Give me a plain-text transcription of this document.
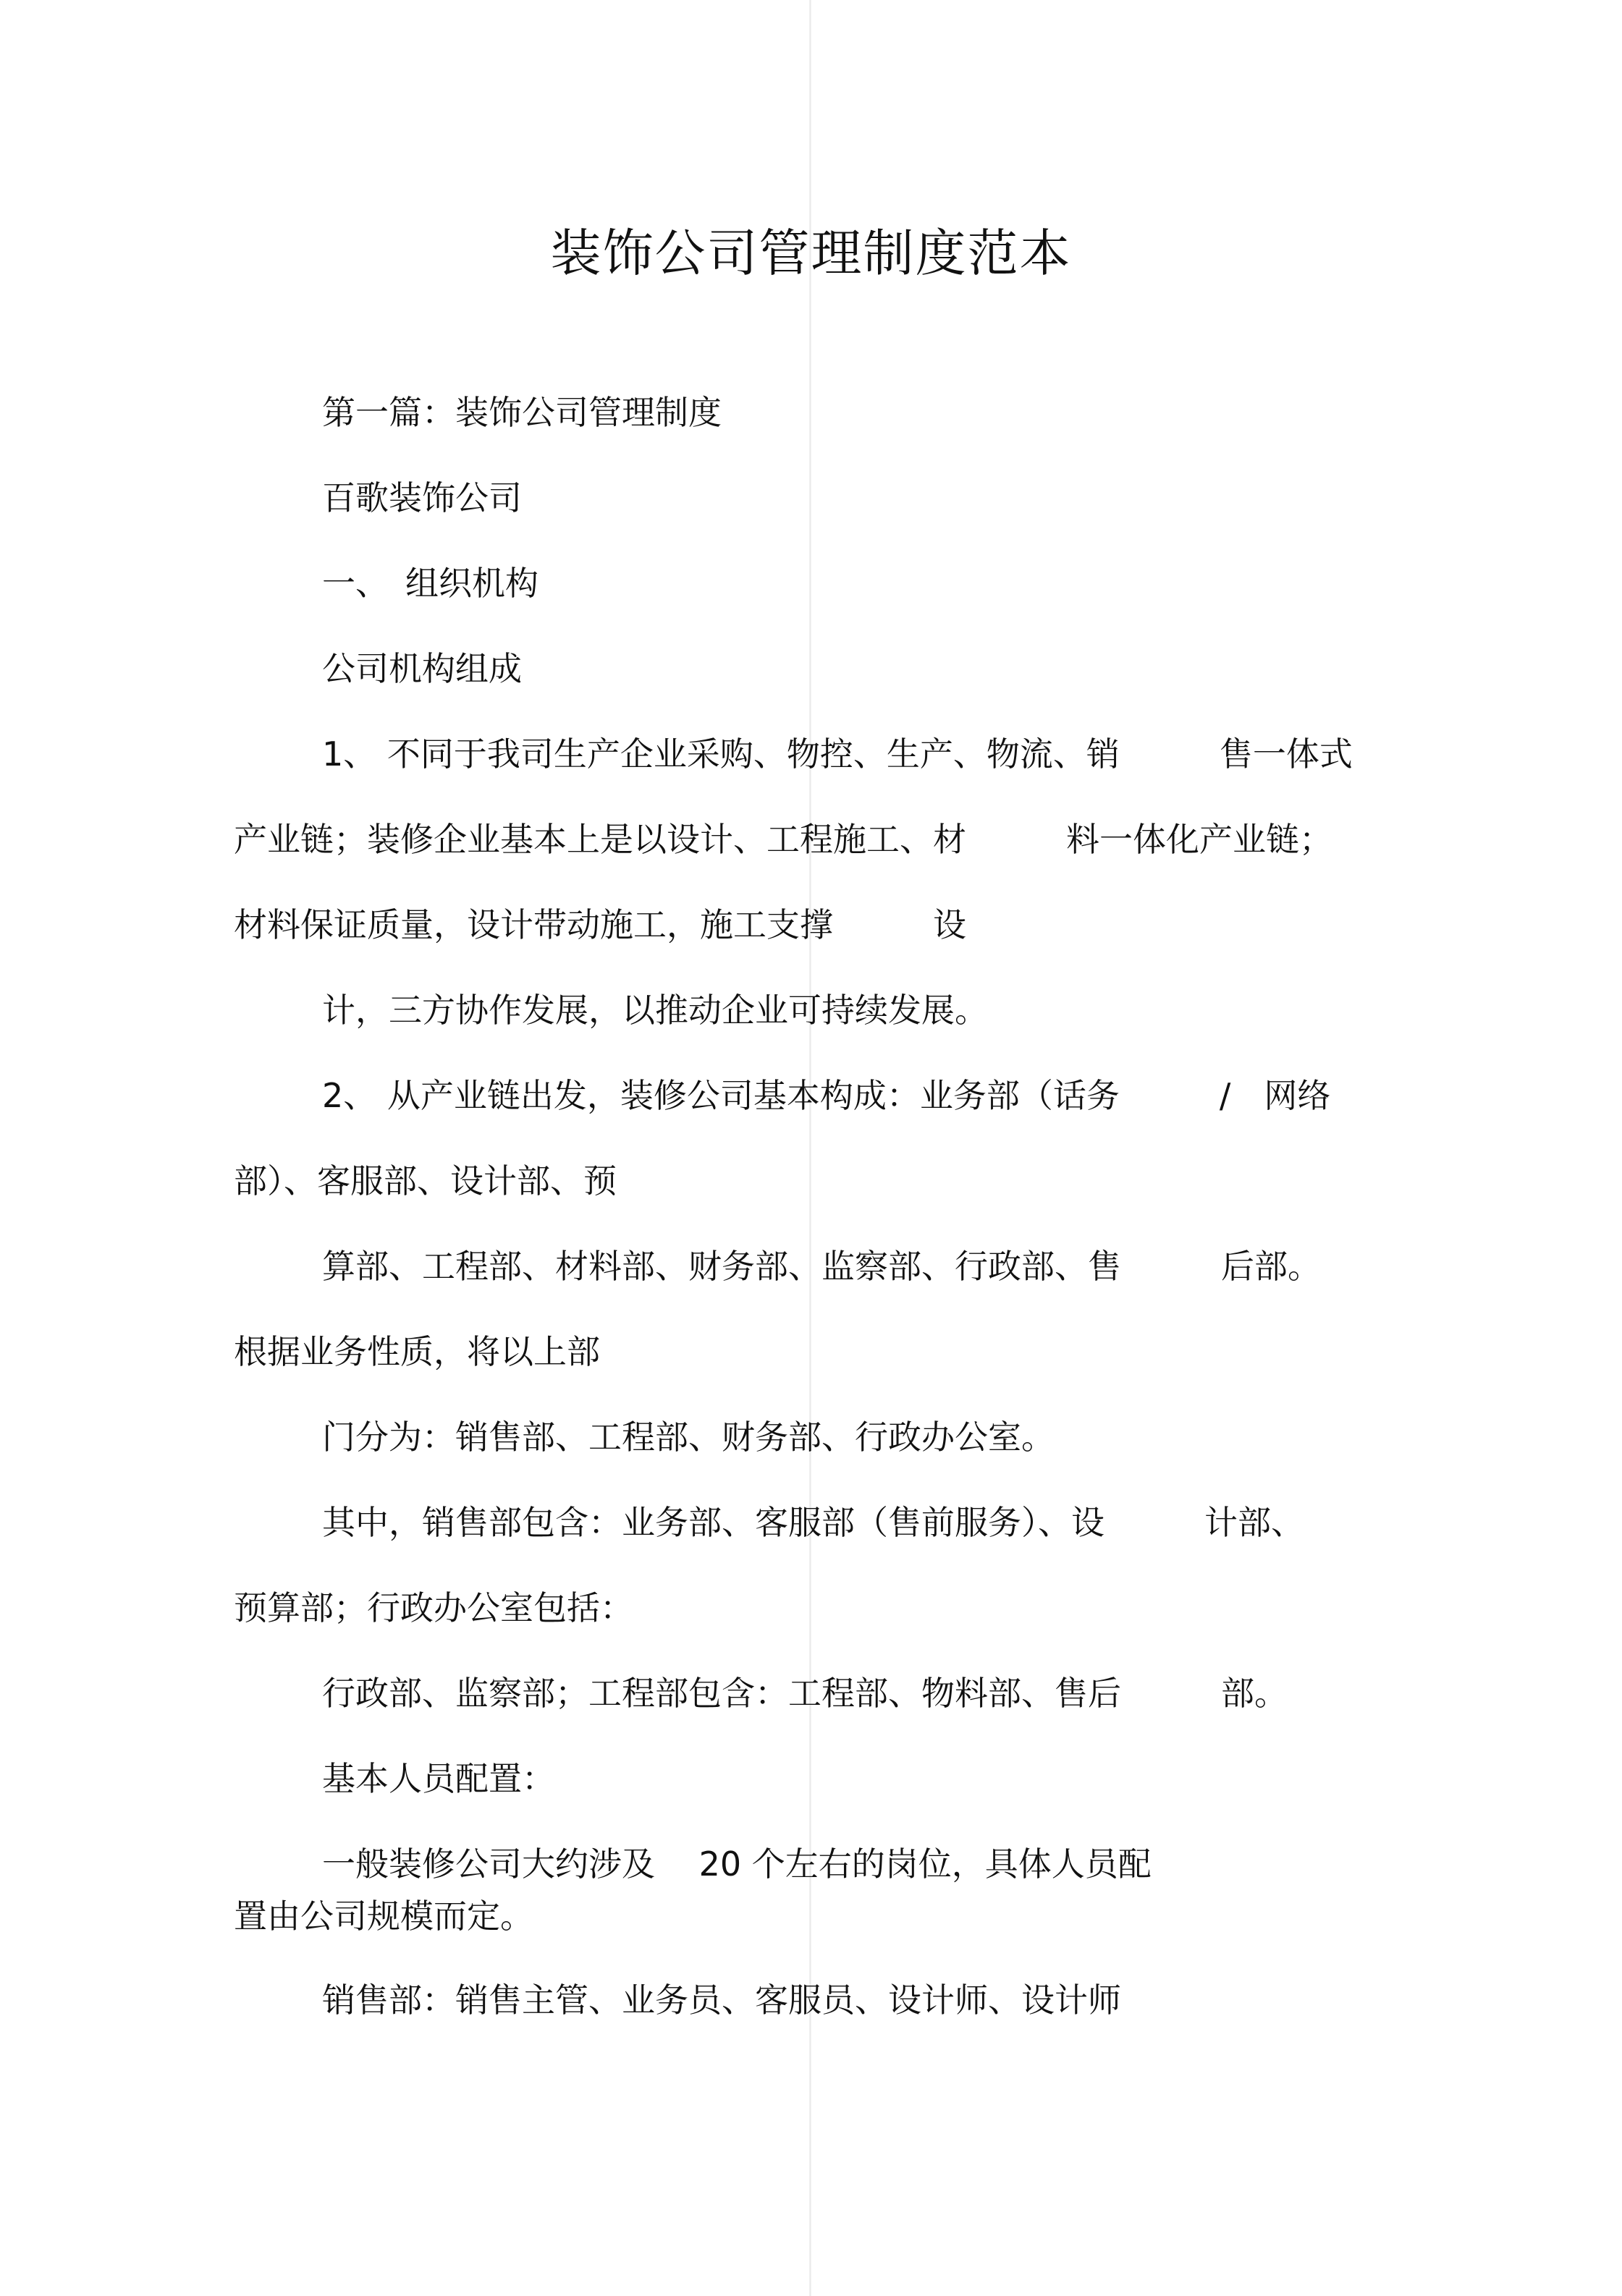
装饰公司管理制度范本
第一篇：装饰公司管理制度
百歌装饰公司
一、　组织机构
公司机构组成
1、 不同于我司生产企业采购、物控、生产、物流、销　　　售一体式
产业链；装修企业基本上是以设计、工程施工、材　　　料一体化产业链；
材料保证质量，设计带动施工，施工支撑　　　设
计，三方协作发展，以推动企业可持续发展。
2、 从产业链出发，装修公司基本构成：业务部（话务　　　/　网络
部）、客服部、设计部、预
算部、工程部、材料部、财务部、监察部、行政部、售　　　后部。
根据业务性质，将以上部
门分为：销售部、工程部、财务部、行政办公室。
其中，销售部包含：业务部、客服部（售前服务）、设　　　计部、
预算部；行政办公室包括：
行政部、监察部；工程部包含：工程部、物料部、售后　　　部。
基本人员配置：
一般装修公司大约涉及　 20 个左右的岗位，具体人员配
置由公司规模而定。
销售部：销售主管、业务员、客服员、设计师、设计师
